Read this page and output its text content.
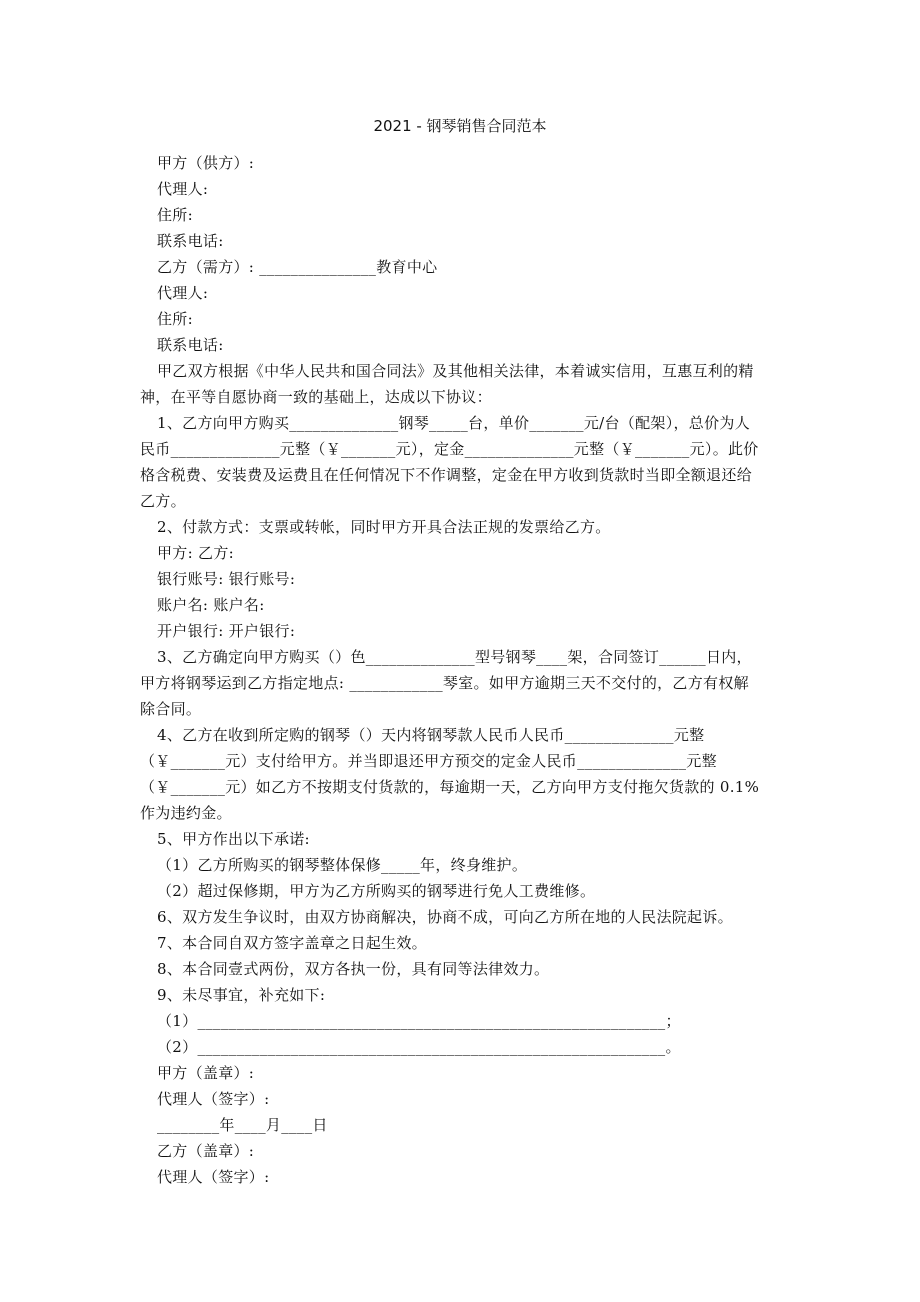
2021 - 钢琴销售合同范本
甲方（供方）:
代理人:
住所:
联系电话:
乙方（需方）: _______________教育中心
代理人:
住所:
联系电话:
甲乙双方根据《中华人民共和国合同法》及其他相关法律，本着诚实信用，互惠互利的精
神，在平等自愿协商一致的基础上，达成以下协议：
1、乙方向甲方购买______________钢琴_____台，单价_______元/台（配架），总价为人
民币______________元整（￥_______元），定金______________元整（￥_______元）。此价
格含税费、安装费及运费且在任何情况下不作调整，定金在甲方收到货款时当即全额退还给
乙方。
2、付款方式：支票或转帐，同时甲方开具合法正规的发票给乙方。
甲方: 乙方:
银行账号: 银行账号:
账户名: 账户名:
开户银行: 开户银行:
3、乙方确定向甲方购买（）色______________型号钢琴____架，合同签订______日内，
甲方将钢琴运到乙方指定地点: ____________琴室。如甲方逾期三天不交付的，乙方有权解
除合同。
4、乙方在收到所定购的钢琴（）天内将钢琴款人民币人民币______________元整
（￥_______元）支付给甲方。并当即退还甲方预交的定金人民币______________元整
（￥_______元）如乙方不按期支付货款的，每逾期一天，乙方向甲方支付拖欠货款的 0.1%
作为违约金。
5、甲方作出以下承诺:
（1）乙方所购买的钢琴整体保修_____年，终身维护。
（2）超过保修期，甲方为乙方所购买的钢琴进行免人工费维修。
6、双方发生争议时，由双方协商解决，协商不成，可向乙方所在地的人民法院起诉。
7、本合同自双方签字盖章之日起生效。
8、本合同壹式两份，双方各执一份，具有同等法律效力。
9、未尽事宜，补充如下:
（1）____________________________________________________________；
（2）____________________________________________________________。
甲方（盖章）:
代理人（签字）:
________年____月____日
乙方（盖章）:
代理人（签字）:
